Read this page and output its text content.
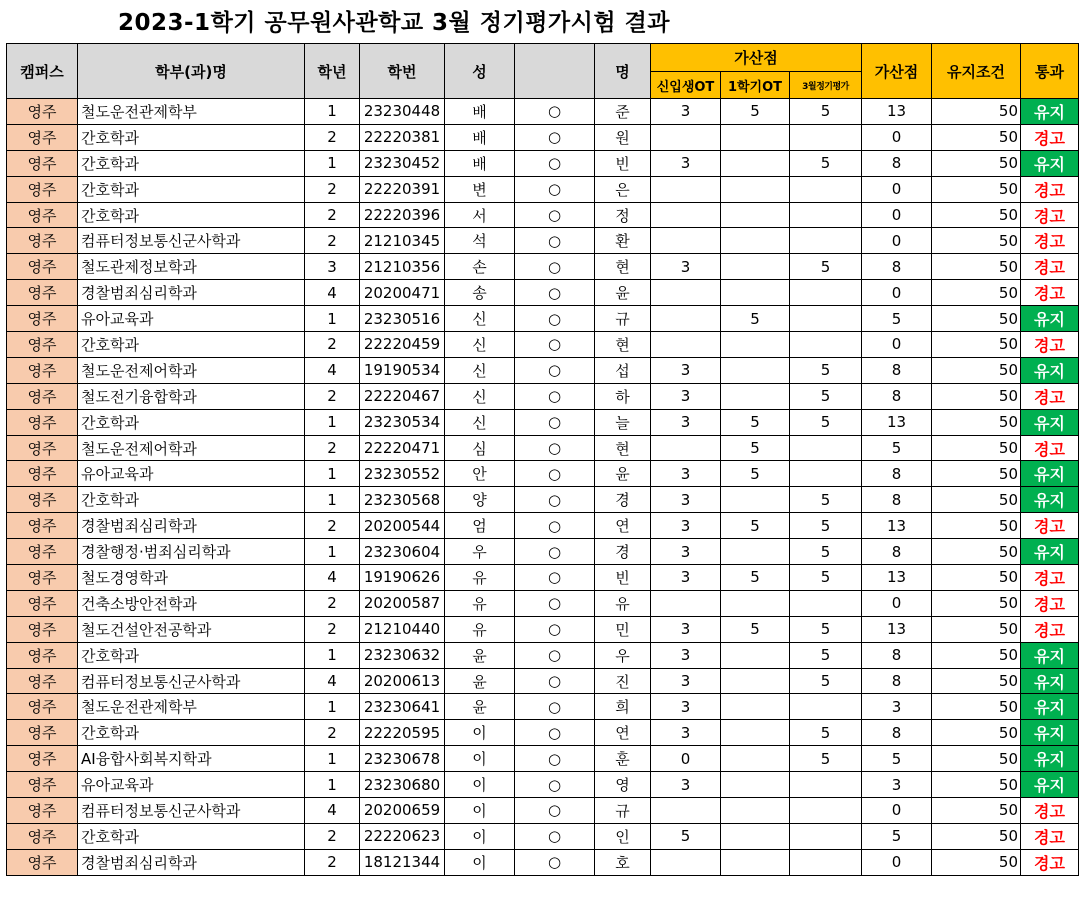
2023-1학기 공무원사관학교 3월 정기평가시험 결과
캠퍼스	학부(과)명	학년	학번	성		명	가산점			가산점	유지조건	통과
							신입생OT	1학기OT	3월정기평가			
영주	철도운전관제학부	1	23230448	배	○	준	3	5	5	13	50	유지
영주	간호학과	2	22220381	배	○	원				0	50	경고
영주	간호학과	1	23230452	배	○	빈	3		5	8	50	유지
영주	간호학과	2	22220391	변	○	은				0	50	경고
영주	간호학과	2	22220396	서	○	정				0	50	경고
영주	컴퓨터정보통신군사학과	2	21210345	석	○	환				0	50	경고
영주	철도관제정보학과	3	21210356	손	○	현	3		5	8	50	경고
영주	경찰범죄심리학과	4	20200471	송	○	윤				0	50	경고
영주	유아교육과	1	23230516	신	○	규		5		5	50	유지
영주	간호학과	2	22220459	신	○	현				0	50	경고
영주	철도운전제어학과	4	19190534	신	○	섭	3		5	8	50	유지
영주	철도전기융합학과	2	22220467	신	○	하	3		5	8	50	경고
영주	간호학과	1	23230534	신	○	늘	3	5	5	13	50	유지
영주	철도운전제어학과	2	22220471	심	○	현		5		5	50	경고
영주	유아교육과	1	23230552	안	○	윤	3	5		8	50	유지
영주	간호학과	1	23230568	양	○	경	3		5	8	50	유지
영주	경찰범죄심리학과	2	20200544	엄	○	연	3	5	5	13	50	경고
영주	경찰행정·범죄심리학과	1	23230604	우	○	경	3		5	8	50	유지
영주	철도경영학과	4	19190626	유	○	빈	3	5	5	13	50	경고
영주	건축소방안전학과	2	20200587	유	○	유				0	50	경고
영주	철도건설안전공학과	2	21210440	유	○	민	3	5	5	13	50	경고
영주	간호학과	1	23230632	윤	○	우	3		5	8	50	유지
영주	컴퓨터정보통신군사학과	4	20200613	윤	○	진	3		5	8	50	유지
영주	철도운전관제학부	1	23230641	윤	○	희	3			3	50	유지
영주	간호학과	2	22220595	이	○	연	3		5	8	50	유지
영주	AI융합사회복지학과	1	23230678	이	○	훈	0		5	5	50	유지
영주	유아교육과	1	23230680	이	○	영	3			3	50	유지
영주	컴퓨터정보통신군사학과	4	20200659	이	○	규				0	50	경고
영주	간호학과	2	22220623	이	○	인	5			5	50	경고
영주	경찰범죄심리학과	2	18121344	이	○	호				0	50	경고
